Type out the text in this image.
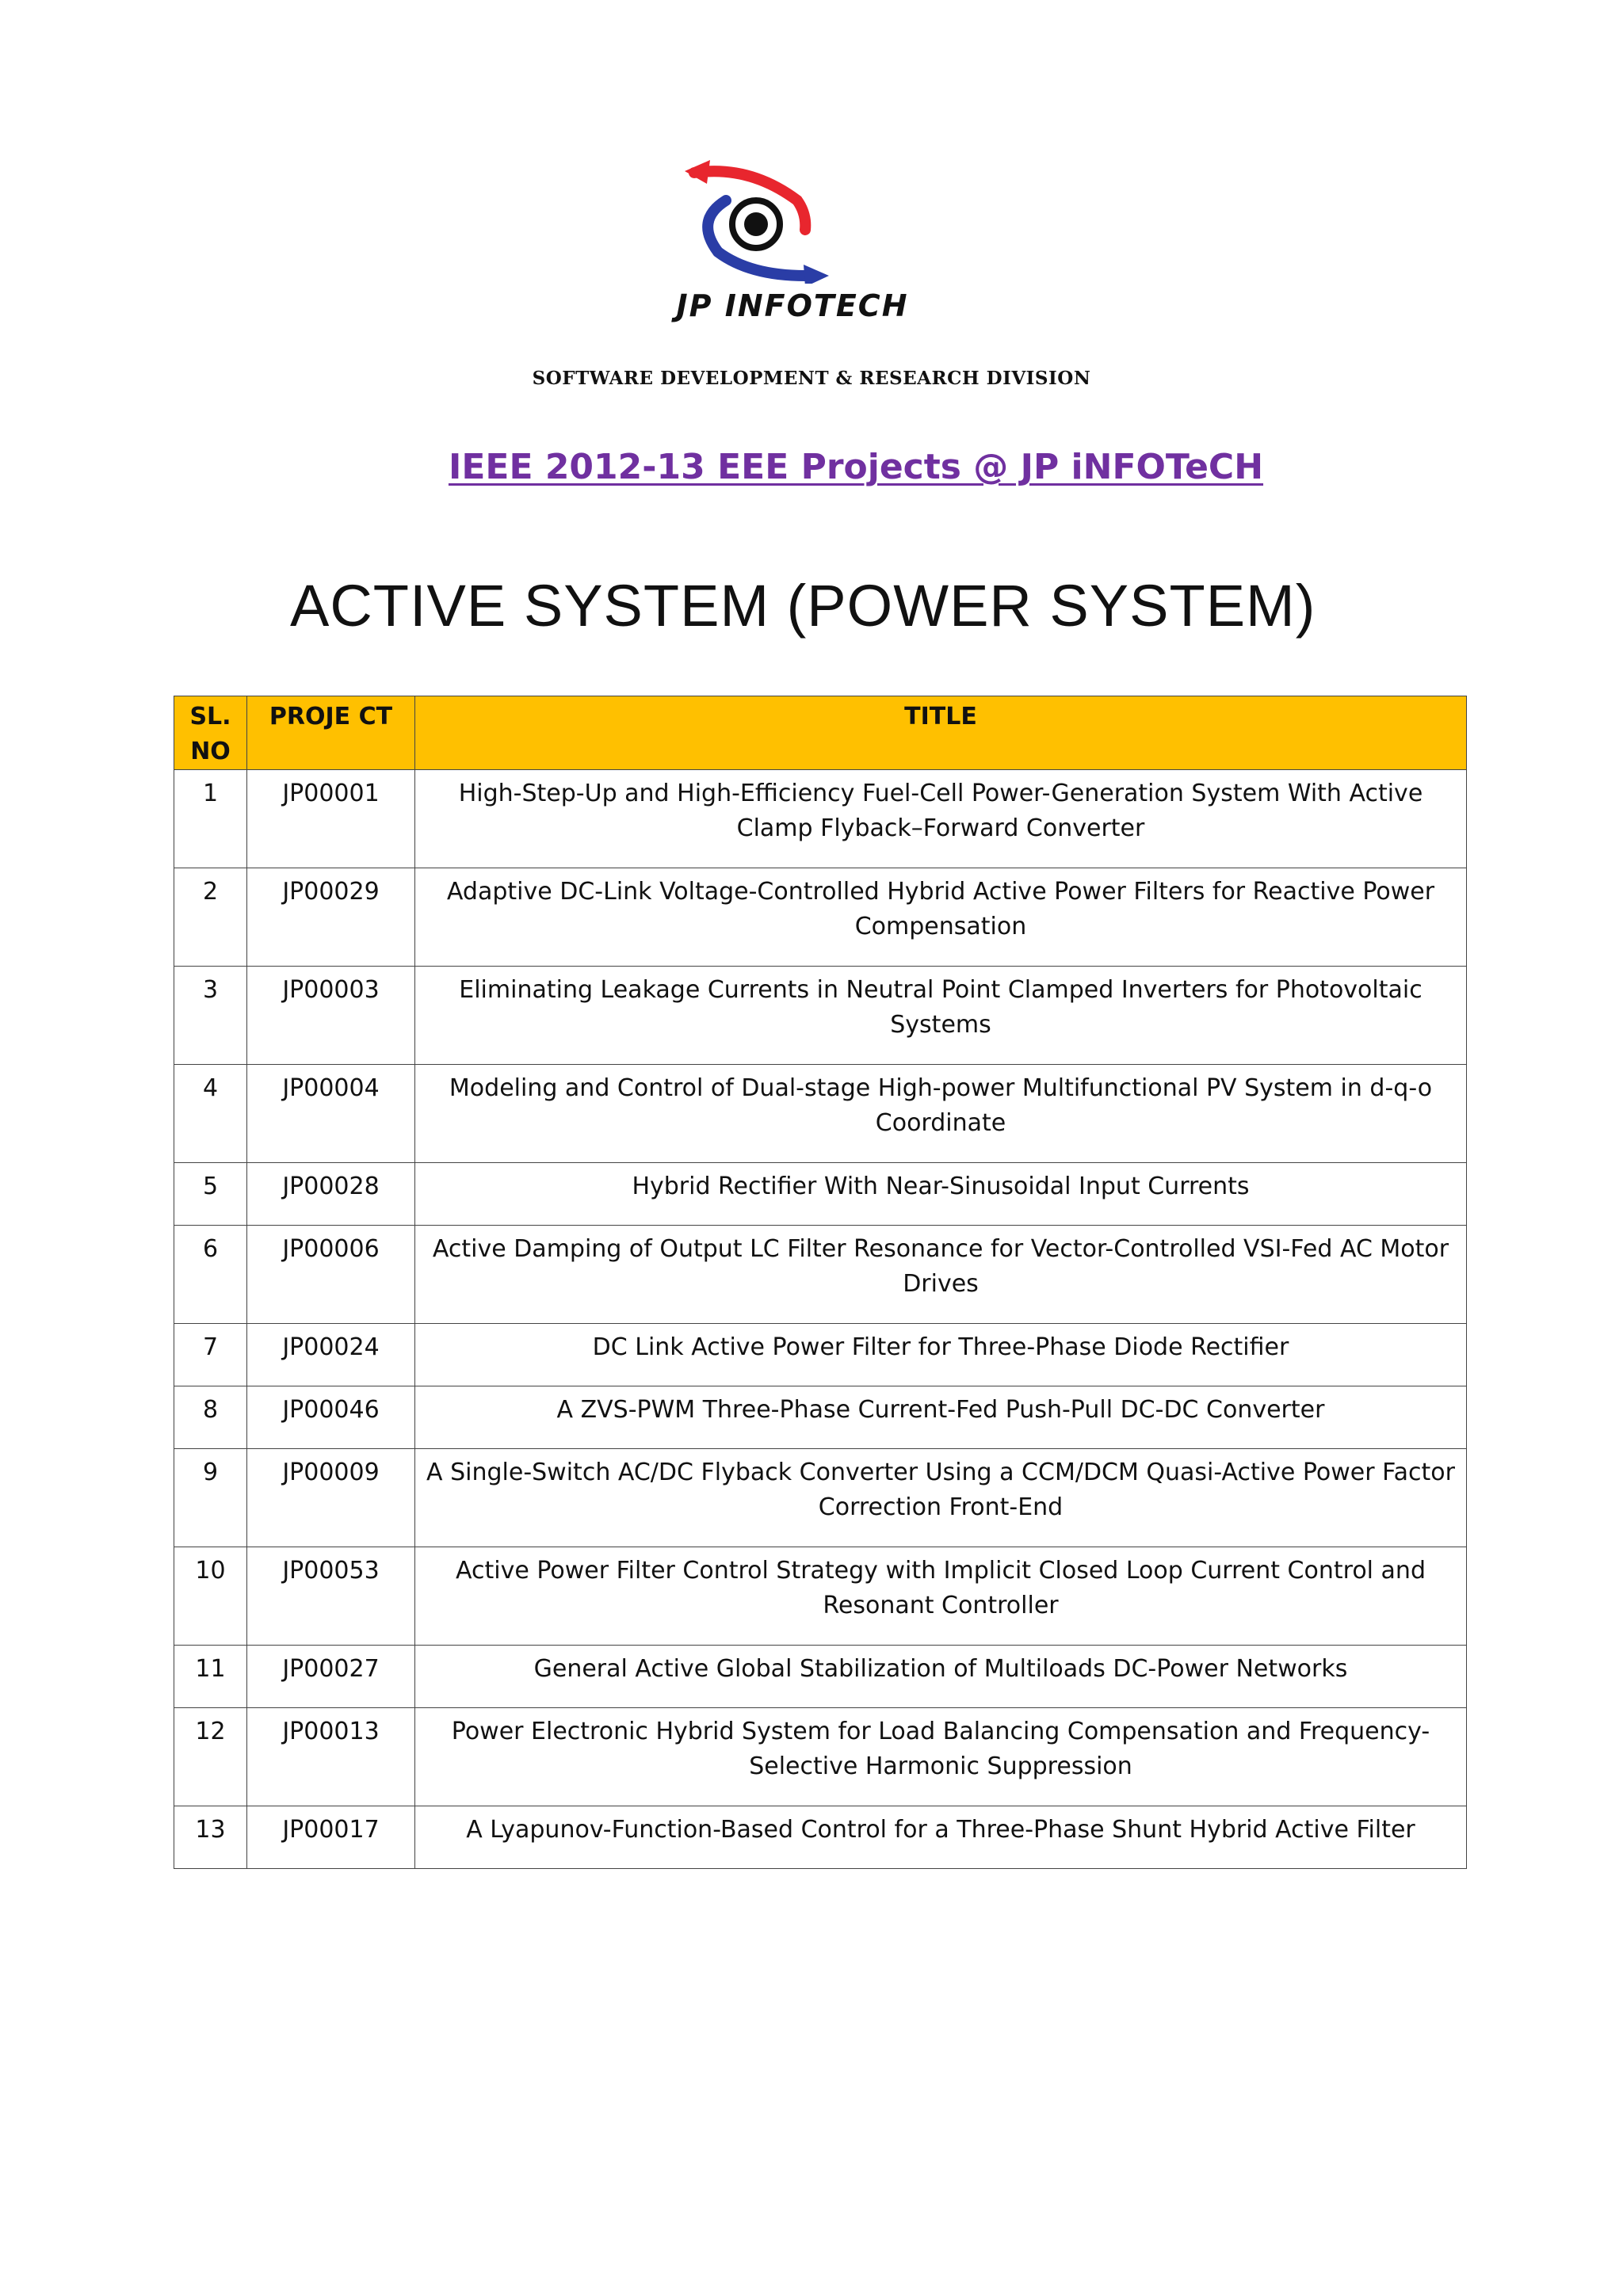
JP INFOTECH
SOFTWARE DEVELOPMENT & RESEARCH DIVISION
IEEE 2012-13 EEE Projects @ JP iNFOTeCH
ACTIVE SYSTEM (POWER SYSTEM)
SL. NO	PROJE CT	TITLE
1	JP00001	High-Step-Up and High-Efficiency Fuel-Cell Power-Generation System With Active Clamp Flyback–Forward Converter
2	JP00029	Adaptive DC-Link Voltage-Controlled Hybrid Active Power Filters for Reactive Power Compensation
3	JP00003	Eliminating Leakage Currents in Neutral Point Clamped Inverters for Photovoltaic Systems
4	JP00004	Modeling and Control of Dual-stage High-power Multifunctional PV System in d-q-o Coordinate
5	JP00028	Hybrid Rectifier With Near-Sinusoidal Input Currents
6	JP00006	Active Damping of Output LC Filter Resonance for Vector-Controlled VSI-Fed AC Motor Drives
7	JP00024	DC Link Active Power Filter for Three-Phase Diode Rectifier
8	JP00046	A ZVS-PWM Three-Phase Current-Fed Push-Pull DC-DC Converter
9	JP00009	A Single-Switch AC/DC Flyback Converter Using a CCM/DCM Quasi-Active Power Factor Correction Front-End
10	JP00053	Active Power Filter Control Strategy with Implicit Closed Loop Current Control and Resonant Controller
11	JP00027	General Active Global Stabilization of Multiloads DC-Power Networks
12	JP00013	Power Electronic Hybrid System for Load Balancing Compensation and Frequency-Selective Harmonic Suppression
13	JP00017	A Lyapunov-Function-Based Control for a Three-Phase Shunt Hybrid Active Filter
